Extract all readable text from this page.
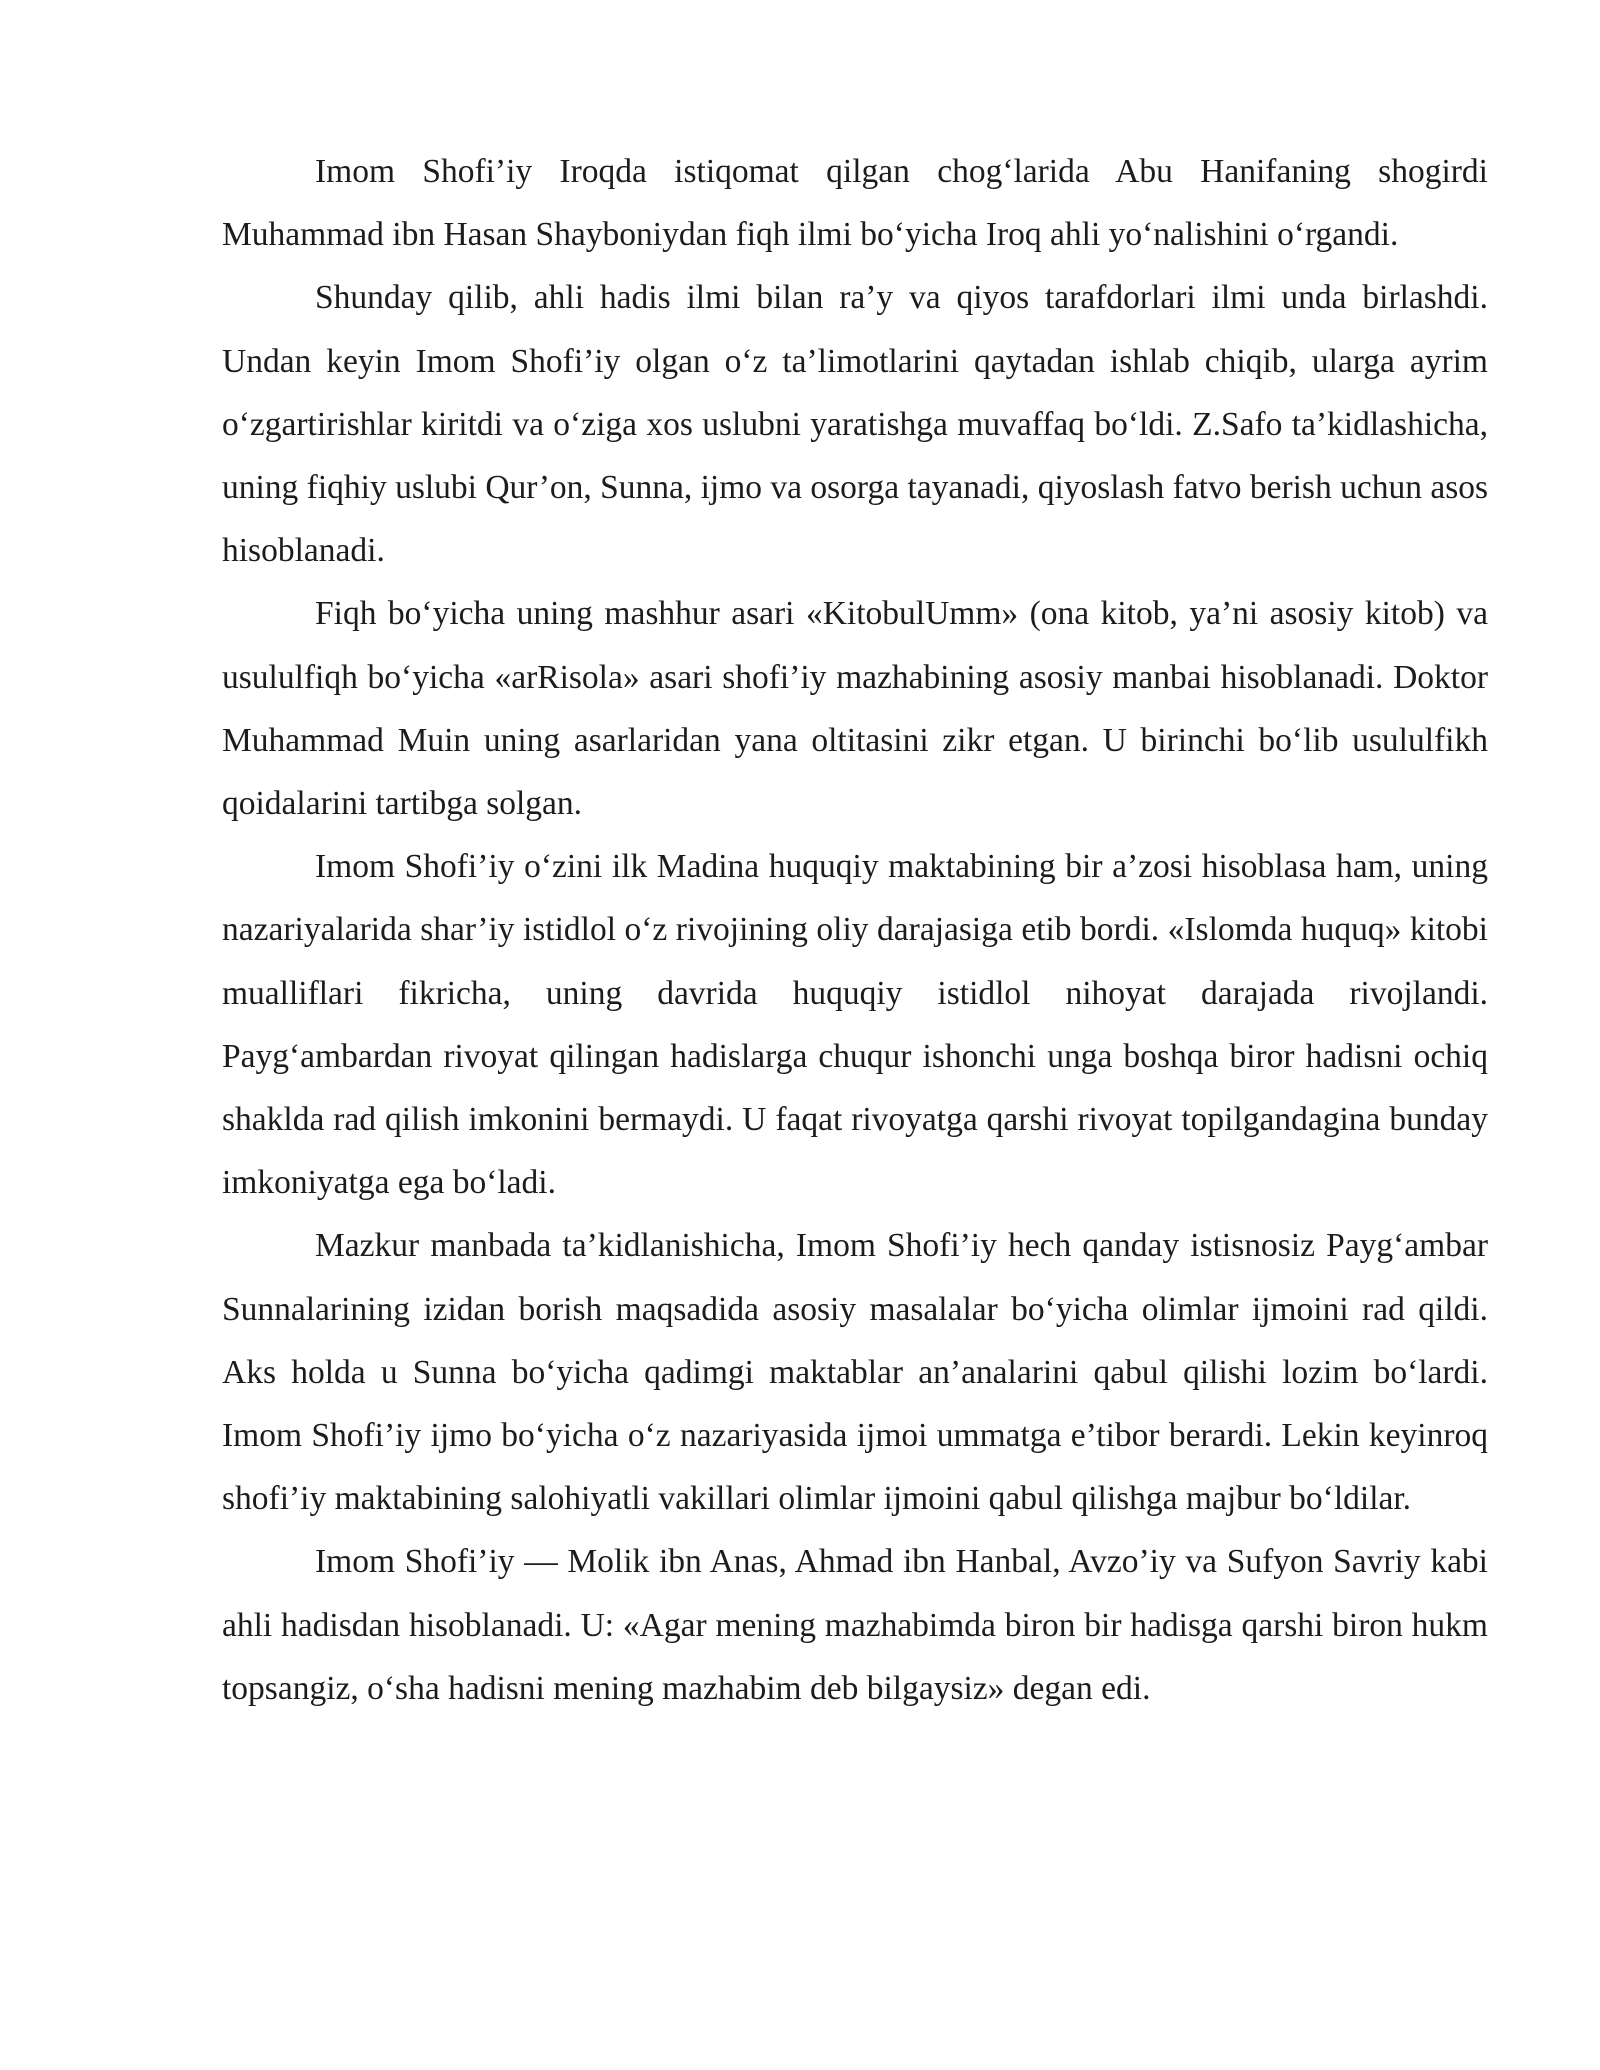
Imom Shofi’iy Iroqda istiqomat qilgan chog‘larida Abu Hanifaning shogirdi Muhammad ibn Hasan Shayboniydan fiqh ilmi bo‘yicha Iroq ahli yo‘nalishini o‘rgandi.

Shunday qilib, ahli hadis ilmi bilan ra’y va qiyos tarafdorlari ilmi unda birlashdi. Undan keyin Imom Shofi’iy olgan o‘z ta’limotlarini qaytadan ishlab chiqib, ularga ayrim o‘zgartirishlar kiritdi va o‘ziga xos uslubni yaratishga muvaffaq bo‘ldi. Z.Safo ta’kidlashicha, uning fiqhiy uslubi Qur’on, Sunna, ijmo va osorga tayanadi, qiyoslash fatvo berish uchun asos hisoblanadi.

Fiqh bo‘yicha uning mashhur asari «KitobulUmm» (ona kitob, ya’ni asosiy kitob) va usululfiqh bo‘yicha «arRisola» asari shofi’iy mazhabining asosiy manbai hisoblanadi. Doktor Muhammad Muin uning asarlaridan yana oltitasini zikr etgan. U birinchi bo‘lib usululfikh qoidalarini tartibga solgan.

Imom Shofi’iy o‘zini ilk Madina huquqiy maktabining bir a’zosi hisoblasa ham, uning nazariyalarida shar’iy istidlol o‘z rivojining oliy darajasiga etib bordi. «Islomda huquq» kitobi mualliflari fikricha, uning davrida huquqiy istidlol nihoyat darajada rivojlandi. Payg‘ambardan rivoyat qilingan hadislarga chuqur ishonchi unga boshqa biror hadisni ochiq shaklda rad qilish imkonini bermaydi. U faqat rivoyatga qarshi rivoyat topilgandagina bunday imkoniyatga ega bo‘ladi.

Mazkur manbada ta’kidlanishicha, Imom Shofi’iy hech qanday istisnosiz Payg‘ambar Sunnalarining izidan borish maqsadida asosiy masalalar bo‘yicha olimlar ijmoini rad qildi. Aks holda u Sunna bo‘yicha qadimgi maktablar an’analarini qabul qilishi lozim bo‘lardi. Imom Shofi’iy ijmo bo‘yicha o‘z nazariyasida ijmoi ummatga e’tibor berardi. Lekin keyinroq shofi’iy maktabining salohiyatli vakillari olimlar ijmoini qabul qilishga majbur bo‘ldilar.

Imom Shofi’iy — Molik ibn Anas, Ahmad ibn Hanbal, Avzo’iy va Sufyon Savriy kabi ahli hadisdan hisoblanadi. U: «Agar mening mazhabimda biron bir hadisga qarshi biron hukm topsangiz, o‘sha hadisni mening mazhabim deb bilgaysiz» degan edi.
